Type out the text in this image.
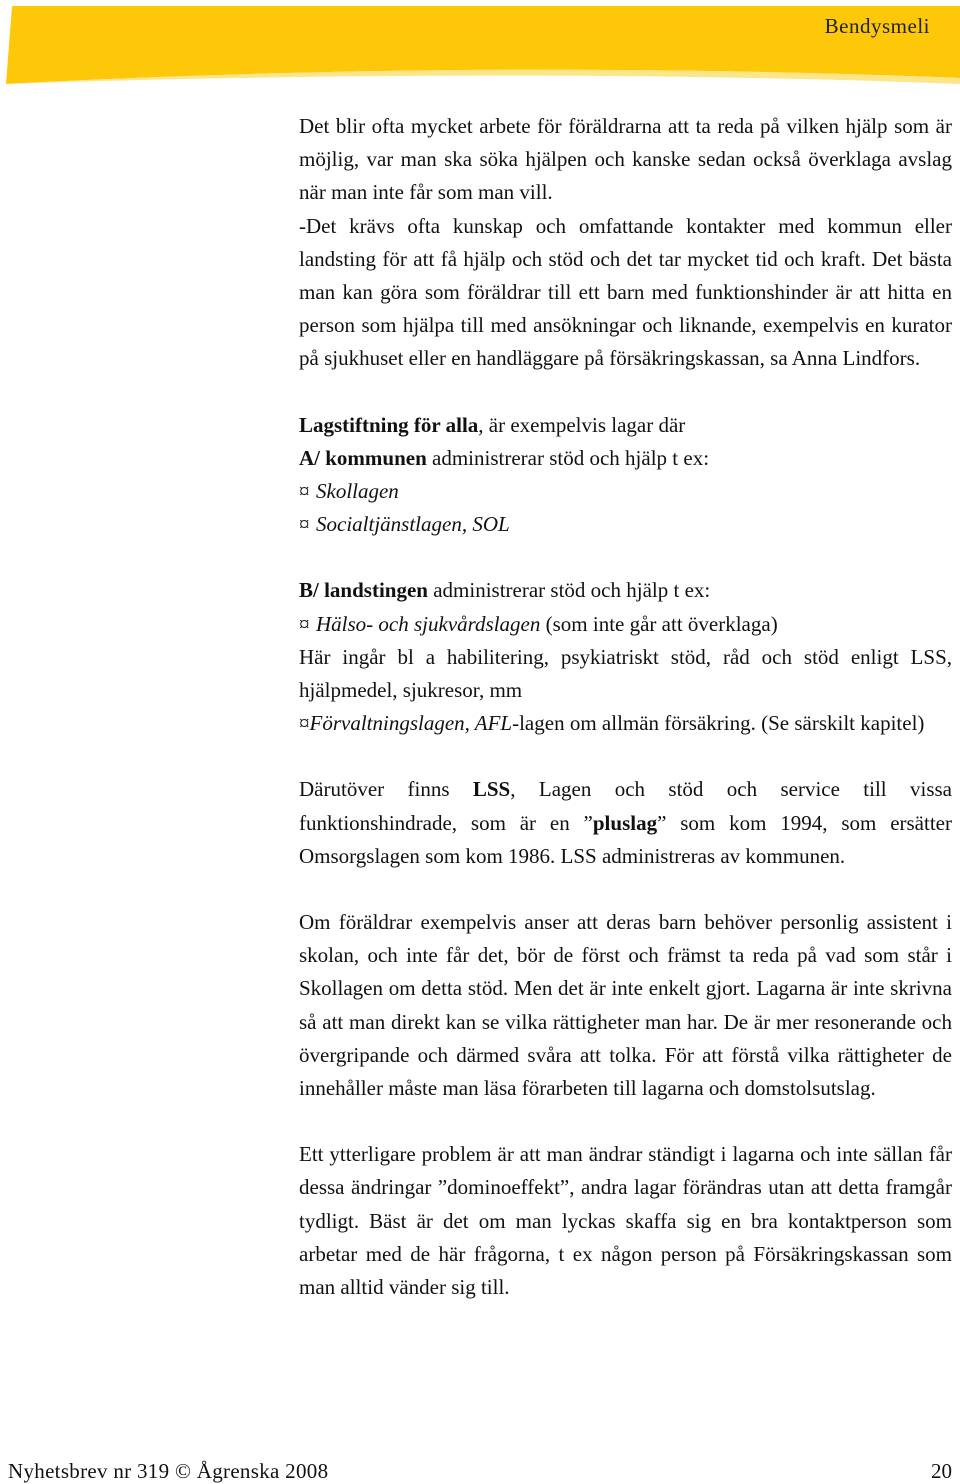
Bendysmeli

Det blir ofta mycket arbete för föräldrarna att ta reda på vilken hjälp som är möjlig, var man ska söka hjälpen och kanske sedan också överklaga avslag när man inte får som man vill.

-Det krävs ofta kunskap och omfattande kontakter med kommun eller landsting för att få hjälp och stöd och det tar mycket tid och kraft. Det bästa man kan göra som föräldrar till ett barn med funktionshinder är att hitta en person som hjälpa till med ansökningar och liknande, exempelvis en kurator på sjukhuset eller en handläggare på försäkringskassan, sa Anna Lindfors.

Lagstiftning för alla, är exempelvis lagar där

A/ kommunen administrerar stöd och hjälp t ex:

¤ Skollagen

¤ Socialtjänstlagen, SOL

B/ landstingen administrerar stöd och hjälp t ex:

¤ Hälso- och sjukvårdslagen (som inte går att överklaga)

Här ingår bl a habilitering, psykiatriskt stöd, råd och stöd enligt LSS, hjälpmedel, sjukresor, mm

¤Förvaltningslagen, AFL-lagen om allmän försäkring. (Se särskilt kapitel)

Därutöver finns LSS, Lagen och stöd och service till vissa funktionshindrade, som är en ”pluslag” som kom 1994, som ersätter Omsorgslagen som kom 1986. LSS administreras av kommunen.

Om föräldrar exempelvis anser att deras barn behöver personlig assistent i skolan, och inte får det, bör de först och främst ta reda på vad som står i Skollagen om detta stöd. Men det är inte enkelt gjort. Lagarna är inte skrivna så att man direkt kan se vilka rättigheter man har. De är mer resonerande och övergripande och därmed svåra att tolka. För att förstå vilka rättigheter de innehåller måste man läsa förarbeten till lagarna och domstolsutslag.

Ett ytterligare problem är att man ändrar ständigt i lagarna och inte sällan får dessa ändringar ”dominoeffekt”, andra lagar förändras utan att detta framgår tydligt. Bäst är det om man lyckas skaffa sig en bra kontaktperson som arbetar med de här frågorna, t ex någon person på Försäkringskassan som man alltid vänder sig till.

Nyhetsbrev nr 319 © Ågrenska 2008	20
